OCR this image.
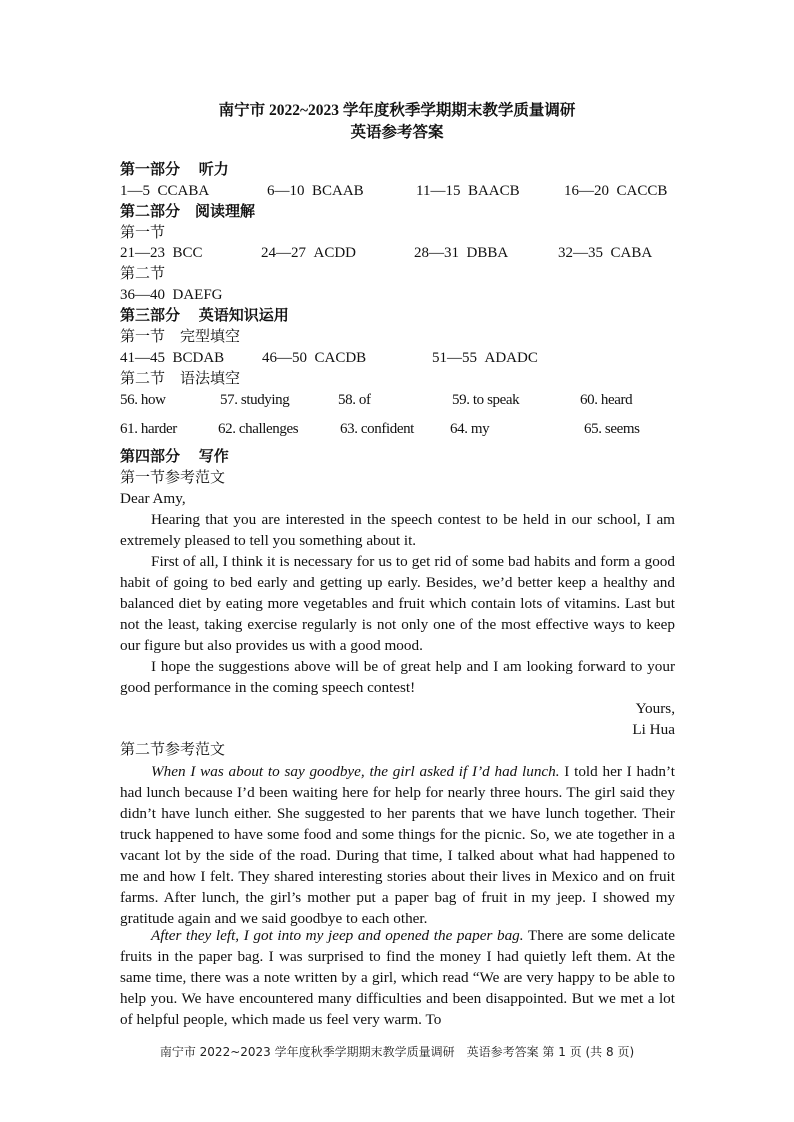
南宁市 2022~2023 学年度秋季学期期末教学质量调研
英语参考答案
第一部分　 听力
1—5 CCABA	6—10 BCAAB	11—15 BAACB	16—20 CACCB
第二部分　阅读理解
第一节
21—23 BCC	24—27 ACDD	28—31 DBBA	32—35 CABA
第二节
36—40 DAEFG
第三部分　 英语知识运用
第一节　完型填空
41—45 BCDAB	46—50 CACDB	51—55 ADADC
第二节　语法填空
56. how	57. studying	58. of	59. to speak	60. heard
61. harder	62. challenges	63. confident 64. my	65. seems
第四部分　 写作
第一节参考范文
Dear Amy,
Hearing that you are interested in the speech contest to be held in our school, I am extremely pleased to tell you something about it.
First of all, I think it is necessary for us to get rid of some bad habits and form a good habit of going to bed early and getting up early. Besides, we’d better keep a healthy and balanced diet by eating more vegetables and fruit which contain lots of vitamins. Last but not the least, taking exercise regularly is not only one of the most effective ways to keep our figure but also provides us with a good mood.
I hope the suggestions above will be of great help and I am looking forward to your good performance in the coming speech contest!
Yours,
Li Hua
第二节参考范文
When I was about to say goodbye, the girl asked if I’d had lunch. I told her I hadn’t had lunch because I’d been waiting here for help for nearly three hours. The girl said they didn’t have lunch either. She suggested to her parents that we have lunch together. Their truck happened to have some food and some things for the picnic. So, we ate together in a vacant lot by the side of the road. During that time, I talked about what had happened to me and how I felt. They shared interesting stories about their lives in Mexico and on fruit farms. After lunch, the girl’s mother put a paper bag of fruit in my jeep. I showed my gratitude again and we said goodbye to each other.
After they left, I got into my jeep and opened the paper bag. There are some delicate fruits in the paper bag. I was surprised to find the money I had quietly left them. At the same time, there was a note written by a girl, which read “We are very happy to be able to help you. We have encountered many difficulties and been disappointed. But we met a lot of helpful people, which made us feel very warm. To
南宁市 2022~2023 学年度秋季学期期末教学质量调研　英语参考答案 第 1 页 (共 8 页)
